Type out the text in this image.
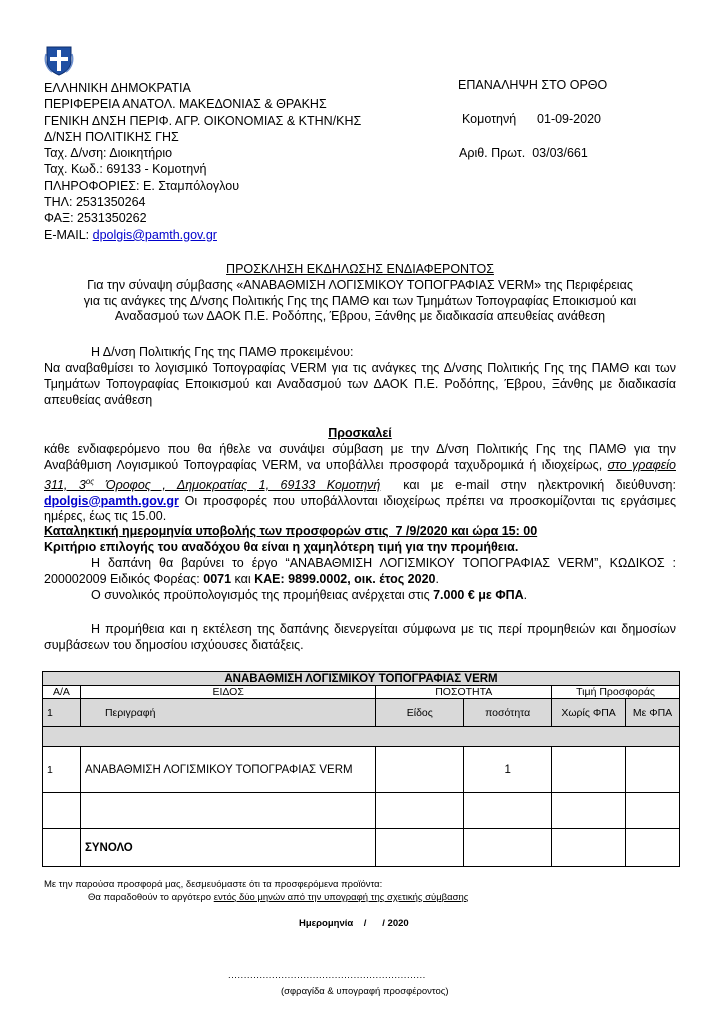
ΕΛΛΗΝΙΚΗ ΔΗΜΟΚΡΑΤΙΑ
ΠΕΡΙΦΕΡΕΙΑ ΑΝΑΤΟΛ. ΜΑΚΕΔΟΝΙΑΣ & ΘΡΑΚΗΣ
ΓΕΝΙΚΗ ΔΝΣΗ ΠΕΡΙΦ. ΑΓΡ. ΟΙΚΟΝΟΜΙΑΣ & ΚΤΗΝ/ΚΗΣ
Δ/ΝΣΗ ΠΟΛΙΤΙΚΗΣ ΓΗΣ
Ταχ. Δ/νση: Διοικητήριο
Ταχ. Κωδ.: 69133 - Κομοτηνή
ΠΛΗΡΟΦΟΡΙΕΣ: Ε. Σταμπόλογλου
ΤΗΛ: 2531350264
ΦΑΞ: 2531350262
E-MAIL: dpolgis@pamth.gov.gr
ΕΠΑΝΑΛΗΨΗ ΣΤΟ ΟΡΘΟ
Κομοτηνή      01-09-2020
Αριθ. Πρωτ.  03/03/661
ΠΡΟΣΚΛΗΣΗ ΕΚΔΗΛΩΣΗΣ ΕΝΔΙΑΦΕΡΟΝΤΟΣ
Για την σύναψη σύμβασης «ΑΝΑΒΑΘΜΙΣΗ ΛΟΓΙΣΜΙΚΟΥ ΤΟΠΟΓΡΑΦΙΑΣ VERM» της Περιφέρειας
για τις ανάγκες της Δ/νσης Πολιτικής Γης της ΠΑΜΘ και των Τμημάτων Τοπογραφίας Εποικισμού και
Αναδασμού των ΔΑΟΚ Π.Ε. Ροδόπης, Έβρου, Ξάνθης με διαδικασία απευθείας ανάθεση
Η Δ/νση Πολιτικής Γης της ΠΑΜΘ προκειμένου:
Να αναβαθμίσει το λογισμικό Τοπογραφίας VERM για τις ανάγκες της Δ/νσης Πολιτικής Γης της ΠΑΜΘ και των Τμημάτων Τοπογραφίας Εποικισμού και Αναδασμού των ΔΑΟΚ Π.Ε. Ροδόπης, Έβρου, Ξάνθης με διαδικασία απευθείας ανάθεση
Προσκαλεί
κάθε ενδιαφερόμενο που θα ήθελε να συνάψει σύμβαση με την Δ/νση Πολιτικής Γης της ΠΑΜΘ για την Αναβάθμιση Λογισμικού Τοπογραφίας VERM, να υποβάλλει προσφορά ταχυδρομικά ή ιδιοχείρως, στο γραφείο 311, $3^{o\varsigma}$ Όροφος , Δημοκρατίας 1, 69133 Κομοτηνή  και με e-mail στην ηλεκτρονική διεύθυνση: dpolgis@pamth.gov.gr Οι προσφορές που υποβάλλονται ιδιοχείρως πρέπει να προσκομίζονται τις εργάσιμες ημέρες, έως τις 15.00.
Καταληκτική ημερομηνία υποβολής των προσφορών στις  7 /9/2020 και ώρα 15: 00
Κριτήριο επιλογής του αναδόχου θα είναι η χαμηλότερη τιμή για την προμήθεια.
Η δαπάνη θα βαρύνει το έργο “ΑΝΑΒΑΘΜΙΣΗ ΛΟΓΙΣΜΙΚΟΥ ΤΟΠΟΓΡΑΦΙΑΣ VERM”, ΚΩΔΙΚΟΣ : 200002009 Ειδικός Φορέας: 0071 και ΚΑΕ: 9899.0002, οικ. έτος 2020.
Ο συνολικός προϋπολογισμός της προμήθειας ανέρχεται στις 7.000 € με ΦΠΑ.
Η προμήθεια και η εκτέλεση της δαπάνης διενεργείται σύμφωνα με τις περί προμηθειών και δημοσίων συμβάσεων του δημοσίου ισχύουσες διατάξεις.
ΑΝΑΒΑΘΜΙΣΗ ΛΟΓΙΣΜΙΚΟΥ ΤΟΠΟΓΡΑΦΙΑΣ VERM					
Α/Α	ΕΙΔΟΣ	ΠΟΣΟΤΗΤΑ		Τιμή Προσφοράς	
1	Περιγραφή	Είδος	ποσότητα	Χωρίς ΦΠΑ	Με ΦΠΑ

1	ΑΝΑΒΑΘΜΙΣΗ ΛΟΓΙΣΜΙΚΟΥ ΤΟΠΟΓΡΑΦΙΑΣ VERM		1		

	ΣΥΝΟΛΟ				
Με την παρούσα προσφορά μας, δεσμευόμαστε ότι τα προσφερόμενα προϊόντα:
Θα παραδοθούν το αργότερο εντός δύο μηνών από την υπογραφή της σχετικής σύμβασης
Ημερομηνία    /      / 2020
...............................................................
(σφραγίδα & υπογραφή προσφέροντος)
